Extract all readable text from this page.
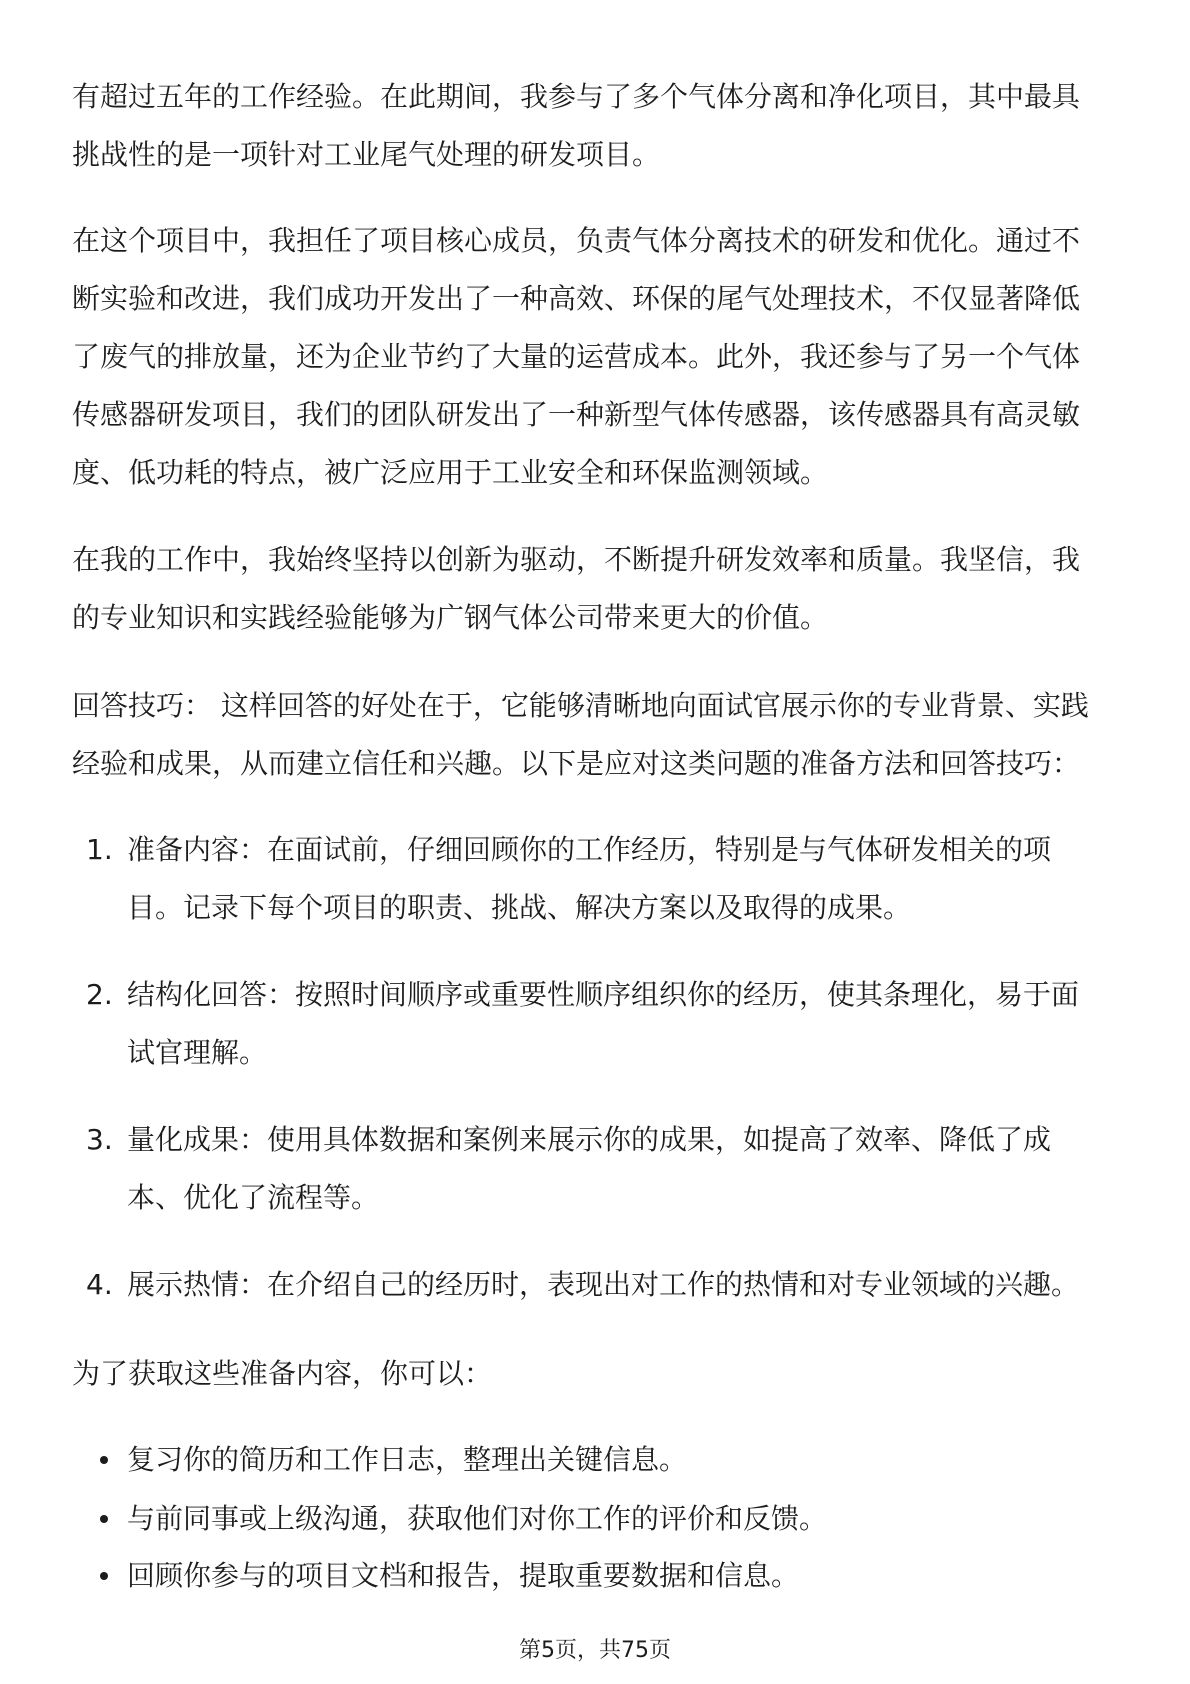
有超过五年的工作经验。在此期间，我参与了多个气体分离和净化项目，其中最具
挑战性的是一项针对工业尾气处理的研发项目。
在这个项目中，我担任了项目核心成员，负责气体分离技术的研发和优化。通过不
断实验和改进，我们成功开发出了一种高效、环保的尾气处理技术，不仅显著降低
了废气的排放量，还为企业节约了大量的运营成本。此外，我还参与了另一个气体
传感器研发项目，我们的团队研发出了一种新型气体传感器，该传感器具有高灵敏
度、低功耗的特点，被广泛应用于工业安全和环保监测领域。
在我的工作中，我始终坚持以创新为驱动，不断提升研发效率和质量。我坚信，我
的专业知识和实践经验能够为广钢气体公司带来更大的价值。
回答技巧： 这样回答的好处在于，它能够清晰地向面试官展示你的专业背景、实践
经验和成果，从而建立信任和兴趣。以下是应对这类问题的准备方法和回答技巧：
1. 准备内容：在面试前，仔细回顾你的工作经历，特别是与气体研发相关的项
目。记录下每个项目的职责、挑战、解决方案以及取得的成果。
2. 结构化回答：按照时间顺序或重要性顺序组织你的经历，使其条理化，易于面
试官理解。
3. 量化成果：使用具体数据和案例来展示你的成果，如提高了效率、降低了成
本、优化了流程等。
4. 展示热情：在介绍自己的经历时，表现出对工作的热情和对专业领域的兴趣。
为了获取这些准备内容，你可以：
复习你的简历和工作日志，整理出关键信息。
与前同事或上级沟通，获取他们对你工作的评价和反馈。
回顾你参与的项目文档和报告，提取重要数据和信息。
第5页，共75页
